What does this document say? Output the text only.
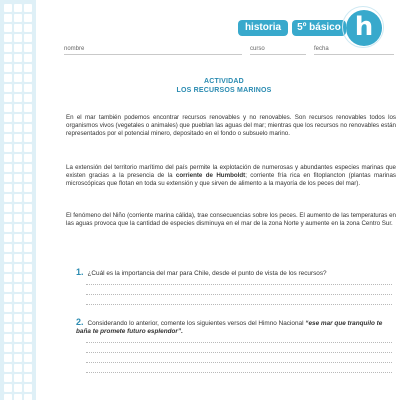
historia	5º básico h
nombre	curso	fecha
ACTIVIDAD
LOS RECURSOS MARINOS
En el mar también podemos encontrar recursos renovables y no renovables. Son recursos renovables todos los organismos vivos (vegetales o animales) que pueblan las aguas del mar; mientras que los recursos no renovables están representados por el potencial minero, depositado en el fondo o subsuelo marino.
La extensión del territorio marítimo del país permite la explotación de numerosas y abundantes especies marinas que existen gracias a la presencia de la corriente de Humboldt; corriente fría rica en fitoplancton (plantas marinas microscópicas que flotan en toda su extensión y que sirven de alimento a la mayoría de los peces del mar).
El fenómeno del Niño (corriente marina cálida), trae consecuencias sobre los peces. El aumento de las temperaturas en las aguas provoca que la cantidad de especies disminuya en el mar de la zona Norte y aumente en la zona Centro Sur.
1. ¿Cuál es la importancia del mar para Chile, desde el punto de vista de los recursos?
2. Considerando lo anterior, comente los siguientes versos del Himno Nacional “ese mar que tranquilo te baña te promete futuro esplendor”.
